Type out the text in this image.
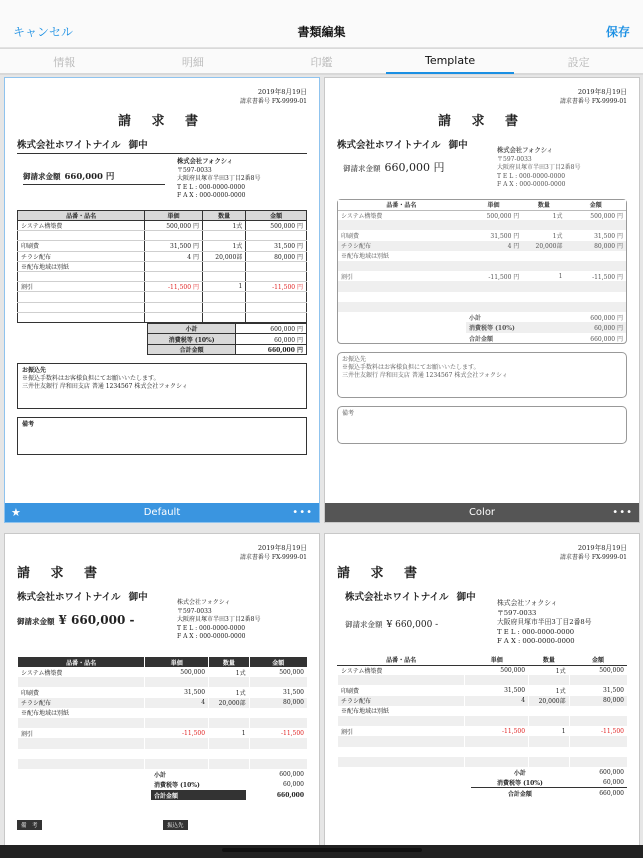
キャンセル	書類編集	保存
情報	明細	印鑑	Template	設定
2019年8月19日
請求書番号 FX-9999-01
請 求 書
株式会社ホワイトナイル 御中
御請求金額 660,000 円
株式会社フォクシィ
〒597-0033
大阪府貝塚市半田3丁目2番8号
T E L : 000-0000-0000
F A X : 000-0000-0000
品番・品名	単価	数量	金額
システム構築費	500,000 円	1式	500,000 円

印刷費	31,500 円	1式	31,500 円
チラシ配布	4 円	20,000部	80,000 円
※配布地域は別紙			

割引	-11,500 円	1	-11,500 円

小計	600,000 円
消費税等 (10%)	60,000 円
合計金額	660,000 円
お振込先
※振込手数料はお客様負担にてお願いいたします。
三井住友銀行 岸和田支店 普通 1234567 株式会社フォクシィ
備考
★	Default	•••
2019年8月19日
請求書番号 FX-9999-01
請 求 書
株式会社ホワイトナイル 御中
御請求金額 660,000 円
株式会社フォクシィ
〒597-0033
大阪府貝塚市半田3丁目2番8号
T E L : 000-0000-0000
F A X : 000-0000-0000
品番・品名	単価	数量	金額
システム構築費	500,000 円	1式	500,000 円

印刷費	31,500 円	1式	31,500 円
チラシ配布	4 円	20,000部	80,000 円
※配布地域は別紙			

割引	-11,500 円	1	-11,500 円

小計	600,000 円
消費税等 (10%)	60,000 円
合計金額	660,000 円
お振込先
※振込手数料はお客様負担にてお願いいたします。
三井住友銀行 岸和田支店 普通 1234567 株式会社フォクシィ
備考
Color	•••
2019年8月19日
請求書番号 FX-9999-01
請 求 書
株式会社ホワイトナイル 御中
御請求金額 ¥ 660,000 -
株式会社フォクシィ
〒597-0033
大阪府貝塚市半田3丁目2番8号
T E L : 000-0000-0000
F A X : 000-0000-0000
品番・品名	単価	数量	金額
システム構築費	500,000	1式	500,000

印刷費	31,500	1式	31,500
チラシ配布	4	20,000部	80,000
※配布地域は別紙			

割引	-11,500	1	-11,500

小計	600,000
消費税等 (10%)	60,000
合計金額	660,000
備　考	振込先
2019年8月19日
請求書番号 FX-9999-01
請 求 書
株式会社ホワイトナイル 御中
御請求金額 ¥ 660,000 -
株式会社フォクシィ
〒597-0033
大阪府貝塚市半田3丁目2番8号
T E L : 000-0000-0000
F A X : 000-0000-0000
品番・品名	単価	数量	金額
システム構築費	500,000	1式	500,000

印刷費	31,500	1式	31,500
チラシ配布	4	20,000部	80,000
※配布地域は別紙			

割引	-11,500	1	-11,500

小計	600,000
消費税等 (10%)	60,000
合計金額	660,000
